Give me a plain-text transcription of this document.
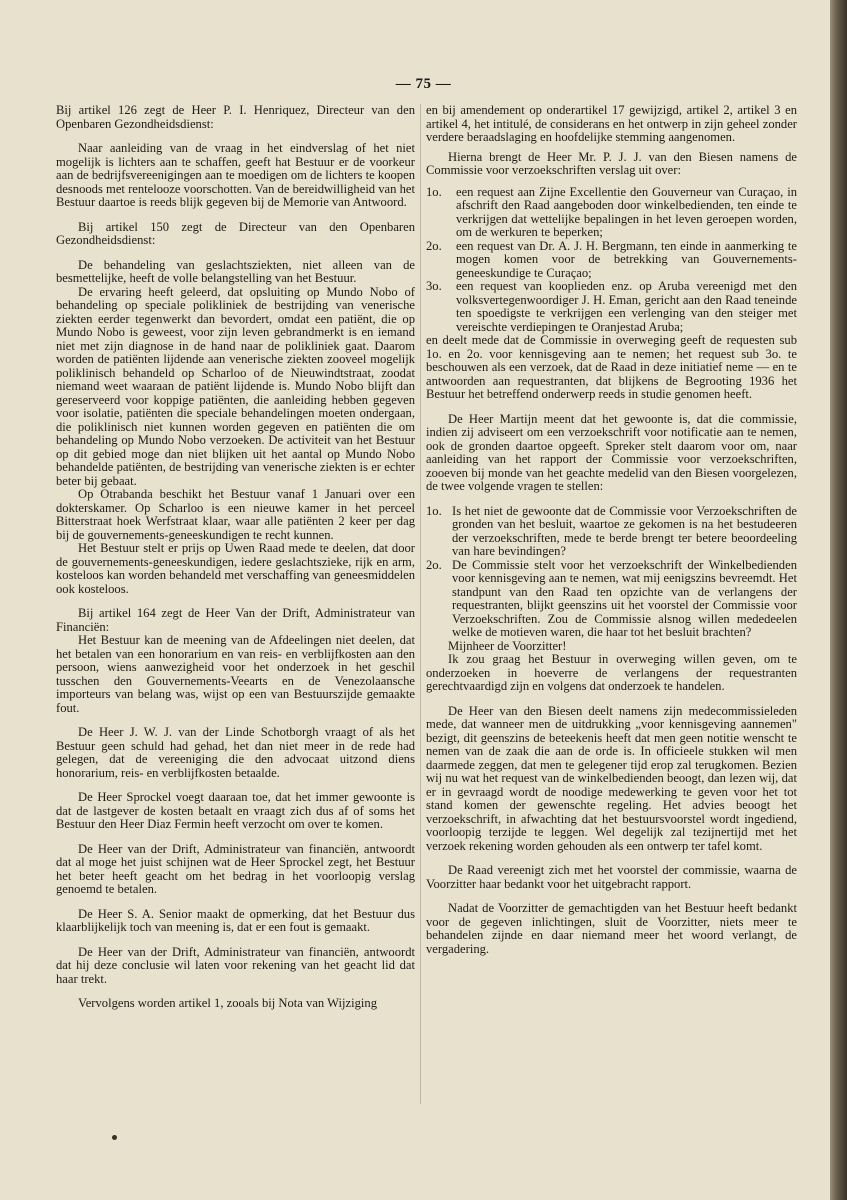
— 75 —

Bij artikel 126 zegt de Heer P. I. Henriquez, Directeur van den Openbaren Gezondheidsdienst:

Naar aanleiding van de vraag in het eindverslag of het niet mogelijk is lichters aan te schaffen, geeft hat Bestuur er de voorkeur aan de bedrijfsvereenigingen aan te moedigen om de lichters te koopen desnoods met rentelooze voorschotten. Van de bereidwilligheid van het Bestuur daartoe is reeds blijk gegeven bij de Memorie van Antwoord.

Bij artikel 150 zegt de Directeur van den Openbaren Gezondheidsdienst:

De behandeling van geslachtsziekten, niet alleen van de besmettelijke, heeft de volle belangstelling van het Bestuur.

De ervaring heeft geleerd, dat opsluiting op Mundo Nobo of behandeling op speciale polikliniek de bestrijding van venerische ziekten eerder tegenwerkt dan bevordert, omdat een patiënt, die op Mundo Nobo is geweest, voor zijn leven gebrandmerkt is en iemand niet met zijn diagnose in de hand naar de polikliniek gaat. Daarom worden de patiënten lijdende aan venerische ziekten zooveel mogelijk poliklinisch behandeld op Scharloo of de Nieuwindtstraat, zoodat niemand weet waaraan de patiënt lijdende is. Mundo Nobo blijft dan gereserveerd voor koppige patiënten, die aanleiding hebben gegeven voor isolatie, patiënten die speciale behandelingen moeten ondergaan, die poliklinisch niet kunnen worden gegeven en patiënten die om behandeling op Mundo Nobo verzoeken. De activiteit van het Bestuur op dit gebied moge dan niet blijken uit het aantal op Mundo Nobo behandelde patiënten, de bestrijding van venerische ziekten is er echter beter bij gebaat.

Op Otrabanda beschikt het Bestuur vanaf 1 Januari over een dokterskamer. Op Scharloo is een nieuwe kamer in het perceel Bitterstraat hoek Werfstraat klaar, waar alle patiënten 2 keer per dag bij de gouvernements-geneeskundigen te recht kunnen.

Het Bestuur stelt er prijs op Uwen Raad mede te deelen, dat door de gouvernements-geneeskundigen, iedere geslachtszieke, rijk en arm, kosteloos kan worden behandeld met verschaffing van geneesmiddelen ook kosteloos.

Bij artikel 164 zegt de Heer Van der Drift, Administrateur van Financiën:

Het Bestuur kan de meening van de Afdeelingen niet deelen, dat het betalen van een honorarium en van reis- en verblijfkosten aan den persoon, wiens aanwezigheid voor het onderzoek in het geschil tusschen den Gouvernements-Veearts en de Venezolaansche importeurs van belang was, wijst op een van Bestuurszijde gemaakte fout.

De Heer J. W. J. van der Linde Schotborgh vraagt of als het Bestuur geen schuld had gehad, het dan niet meer in de rede had gelegen, dat de vereeniging die den advocaat uitzond diens honorarium, reis- en verblijfkosten betaalde.

De Heer Sprockel voegt daaraan toe, dat het immer gewoonte is dat de lastgever de kosten betaalt en vraagt zich dus af of soms het Bestuur den Heer Diaz Fermin heeft verzocht om over te komen.

De Heer van der Drift, Administrateur van financiën, antwoordt dat al moge het juist schijnen wat de Heer Sprockel zegt, het Bestuur het beter heeft geacht om het bedrag in het voorloopig verslag genoemd te betalen.

De Heer S. A. Senior maakt de opmerking, dat het Bestuur dus klaarblijkelijk toch van meening is, dat er een fout is gemaakt.

De Heer van der Drift, Administrateur van financiën, antwoordt dat hij deze conclusie wil laten voor rekening van het geacht lid dat haar trekt.

Vervolgens worden artikel 1, zooals bij Nota van Wijziging

en bij amendement op onderartikel 17 gewijzigd, artikel 2, artikel 3 en artikel 4, het intitulé, de considerans en het ontwerp in zijn geheel zonder verdere beraadslaging en hoofdelijke stemming aangenomen.

Hierna brengt de Heer Mr. P. J. J. van den Biesen namens de Commissie voor verzoekschriften verslag uit over:

1o.	een request aan Zijne Excellentie den Gouverneur van Curaçao, in afschrift den Raad aangeboden door winkelbedienden, ten einde te verkrijgen dat wettelijke bepalingen in het leven geroepen worden, om de werkuren te beperken;
2o.	een request van Dr. A. J. H. Bergmann, ten einde in aanmerking te mogen komen voor de betrekking van Gouvernements-geneeskundige te Curaçao;
3o.	een request van kooplieden enz. op Aruba vereenigd met den volksvertegenwoordiger J. H. Eman, gericht aan den Raad teneinde ten spoedigste te verkrijgen een verlenging van den steiger met vereischte verdiepingen te Oranjestad Aruba;

en deelt mede dat de Commissie in overweging geeft de requesten sub 1o. en 2o. voor kennisgeving aan te nemen; het request sub 3o. te beschouwen als een verzoek, dat de Raad in deze initiatief neme — en te antwoorden aan requestranten, dat blijkens de Begrooting 1936 het Bestuur het betreffend onderwerp reeds in studie genomen heeft.

De Heer Martijn meent dat het gewoonte is, dat die commissie, indien zij adviseert om een verzoekschrift voor notificatie aan te nemen, ook de gronden daartoe opgeeft. Spreker stelt daarom voor om, naar aanleiding van het rapport der Commissie voor verzoekschriften, zooeven bij monde van het geachte medelid van den Biesen voorgelezen, de twee volgende vragen te stellen:

1o. Is het niet de gewoonte dat de Commissie voor Verzoekschriften de gronden van het besluit, waartoe ze gekomen is na het bestudeeren der verzoekschriften, mede te berde brengt ter betere beoordeeling van hare bevindingen?
2o. De Commissie stelt voor het verzoekschrift der Winkelbedienden voor kennisgeving aan te nemen, wat mij eenigszins bevreemdt. Het standpunt van den Raad ten opzichte van de verlangens der requestranten, blijkt geenszins uit het voorstel der Commissie voor Verzoekschriften. Zou de Commissie alsnog willen mededeelen welke de motieven waren, die haar tot het besluit brachten?

Mijnheer de Voorzitter!

Ik zou graag het Bestuur in overweging willen geven, om te onderzoeken in hoeverre de verlangens der requestranten gerechtvaardigd zijn en volgens dat onderzoek te handelen.

De Heer van den Biesen deelt namens zijn medecommissieleden mede, dat wanneer men de uitdrukking „voor kennisgeving aannemen" bezigt, dit geenszins de beteekenis heeft dat men geen notitie wenscht te nemen van de zaak die aan de orde is. In officieele stukken wil men daarmede zeggen, dat men te gelegener tijd erop zal terugkomen. Bezien wij nu wat het request van de winkelbedienden beoogt, dan lezen wij, dat er in gevraagd wordt de noodige medewerking te geven voor het tot stand komen der gewenschte regeling. Het advies beoogt het verzoekschrift, in afwachting dat het bestuursvoorstel wordt ingediend, voorloopig terzijde te leggen. Wel degelijk zal tezijnertijd met het verzoek rekening worden gehouden als een ontwerp ter tafel komt.

De Raad vereenigt zich met het voorstel der commissie, waarna de Voorzitter haar bedankt voor het uitgebracht rapport.

Nadat de Voorzitter de gemachtigden van het Bestuur heeft bedankt voor de gegeven inlichtingen, sluit de Voorzitter, niets meer te behandelen zijnde en daar niemand meer het woord verlangt, de vergadering.
